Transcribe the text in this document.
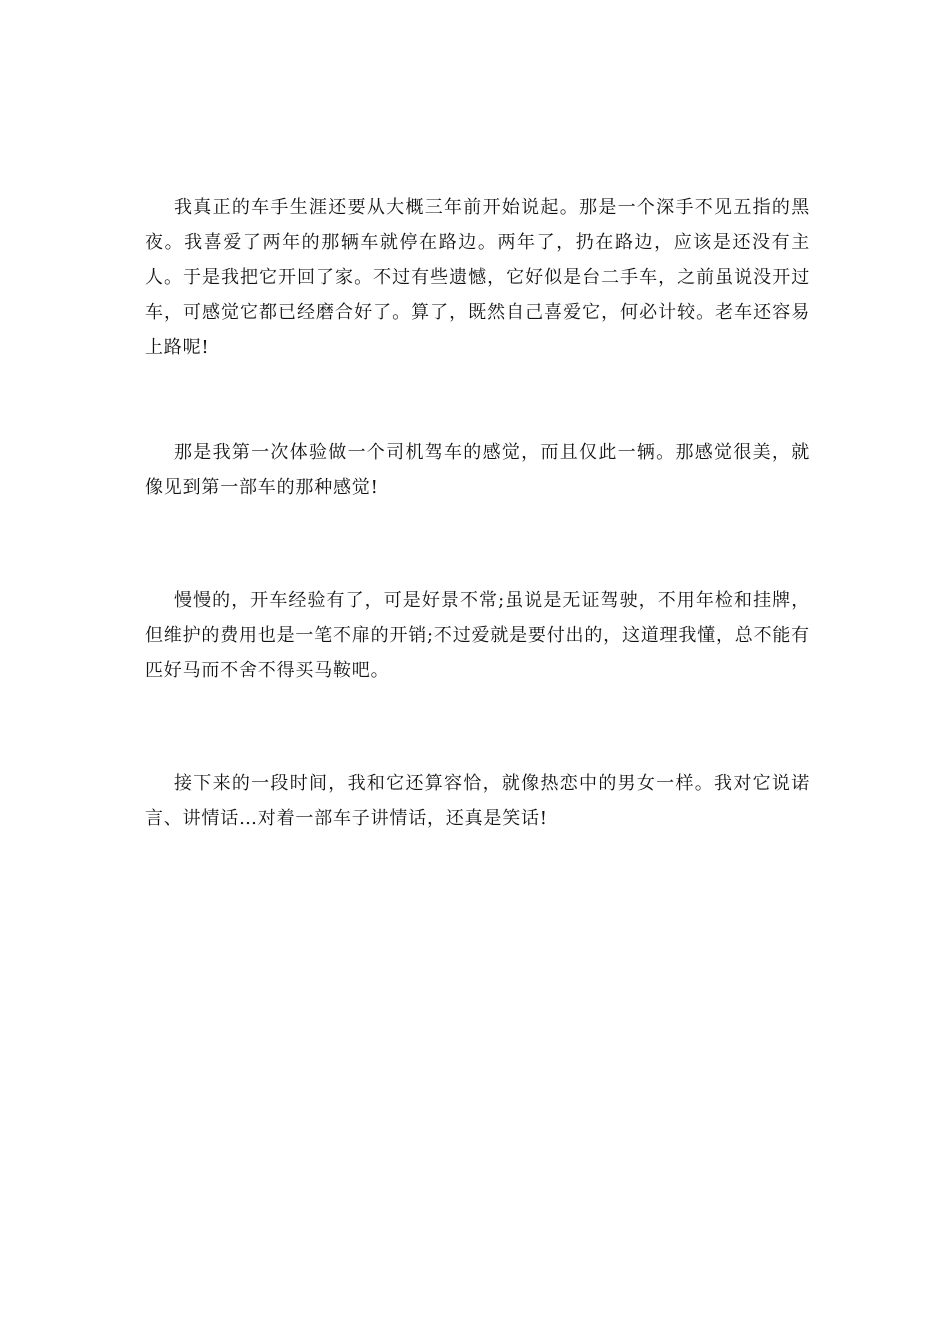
我真正的车手生涯还要从大概三年前开始说起。那是一个深手不见五指的黑夜。我喜爱了两年的那辆车就停在路边。两年了，扔在路边，应该是还没有主人。于是我把它开回了家。不过有些遗憾，它好似是台二手车，之前虽说没开过车，可感觉它都已经磨合好了。算了，既然自己喜爱它，何必计较。老车还容易上路呢!

那是我第一次体验做一个司机驾车的感觉，而且仅此一辆。那感觉很美，就像见到第一部车的那种感觉!

慢慢的，开车经验有了，可是好景不常;虽说是无证驾驶，不用年检和挂牌，但维护的费用也是一笔不扉的开销;不过爱就是要付出的，这道理我懂，总不能有匹好马而不舍不得买马鞍吧。

接下来的一段时间，我和它还算容恰，就像热恋中的男女一样。我对它说诺言、讲情话…对着一部车子讲情话，还真是笑话!
